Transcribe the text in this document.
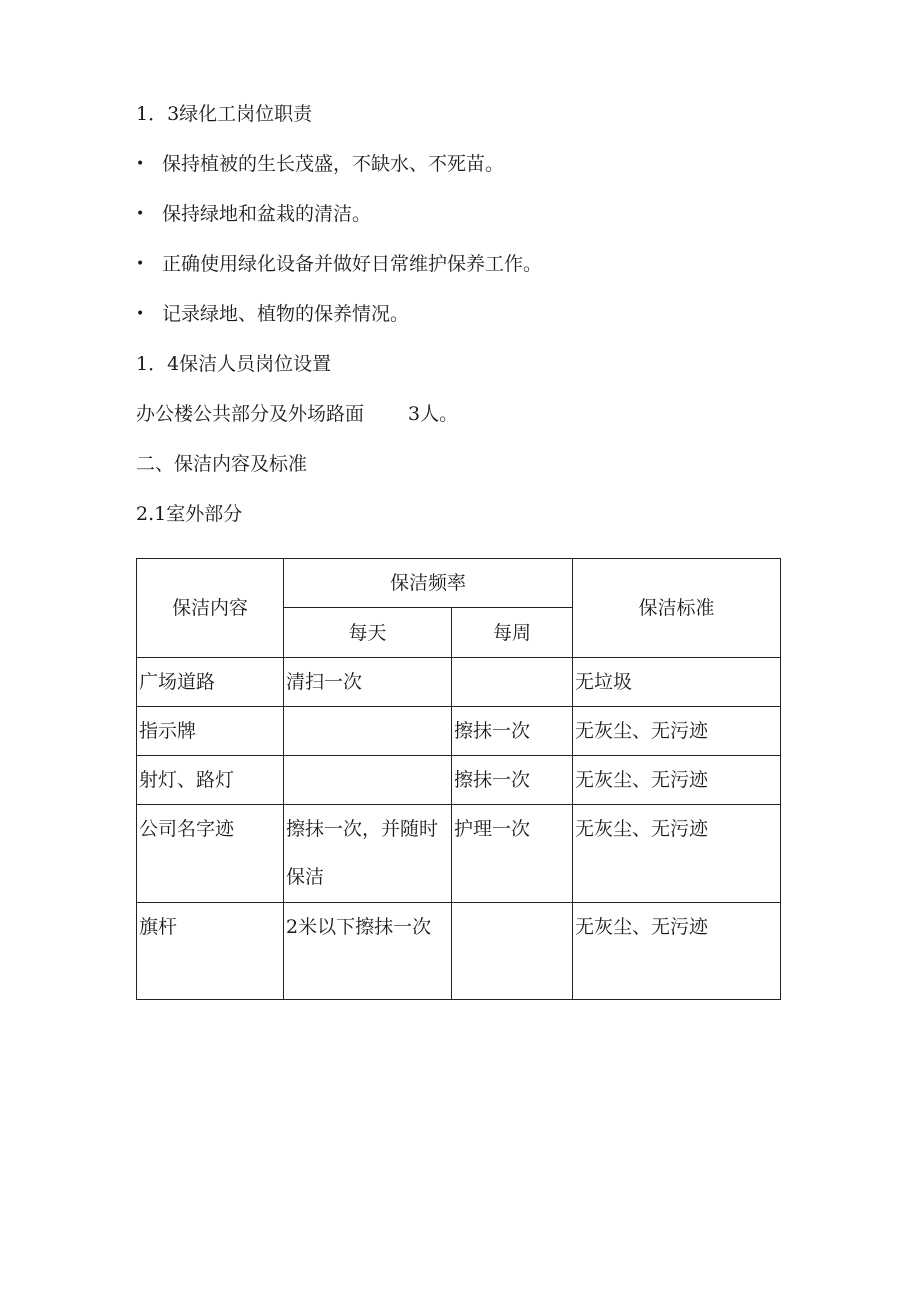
1．3绿化工岗位职责
• 保持植被的生长茂盛，不缺水、不死苗。
• 保持绿地和盆栽的清洁。
• 正确使用绿化设备并做好日常维护保养工作。
• 记录绿地、植物的保养情况。
1．4保洁人员岗位设置
办公楼公共部分及外场路面 3人。
二、保洁内容及标准
2.1室外部分
保洁内容	保洁频率		保洁标准
	每天	每周	
广场道路	清扫一次		无垃圾
指示牌		擦抹一次	无灰尘、无污迹
射灯、路灯		擦抹一次	无灰尘、无污迹
公司名字迹	擦抹一次，并随时保洁	护理一次	无灰尘、无污迹
旗杆	2米以下擦抹一次		无灰尘、无污迹
